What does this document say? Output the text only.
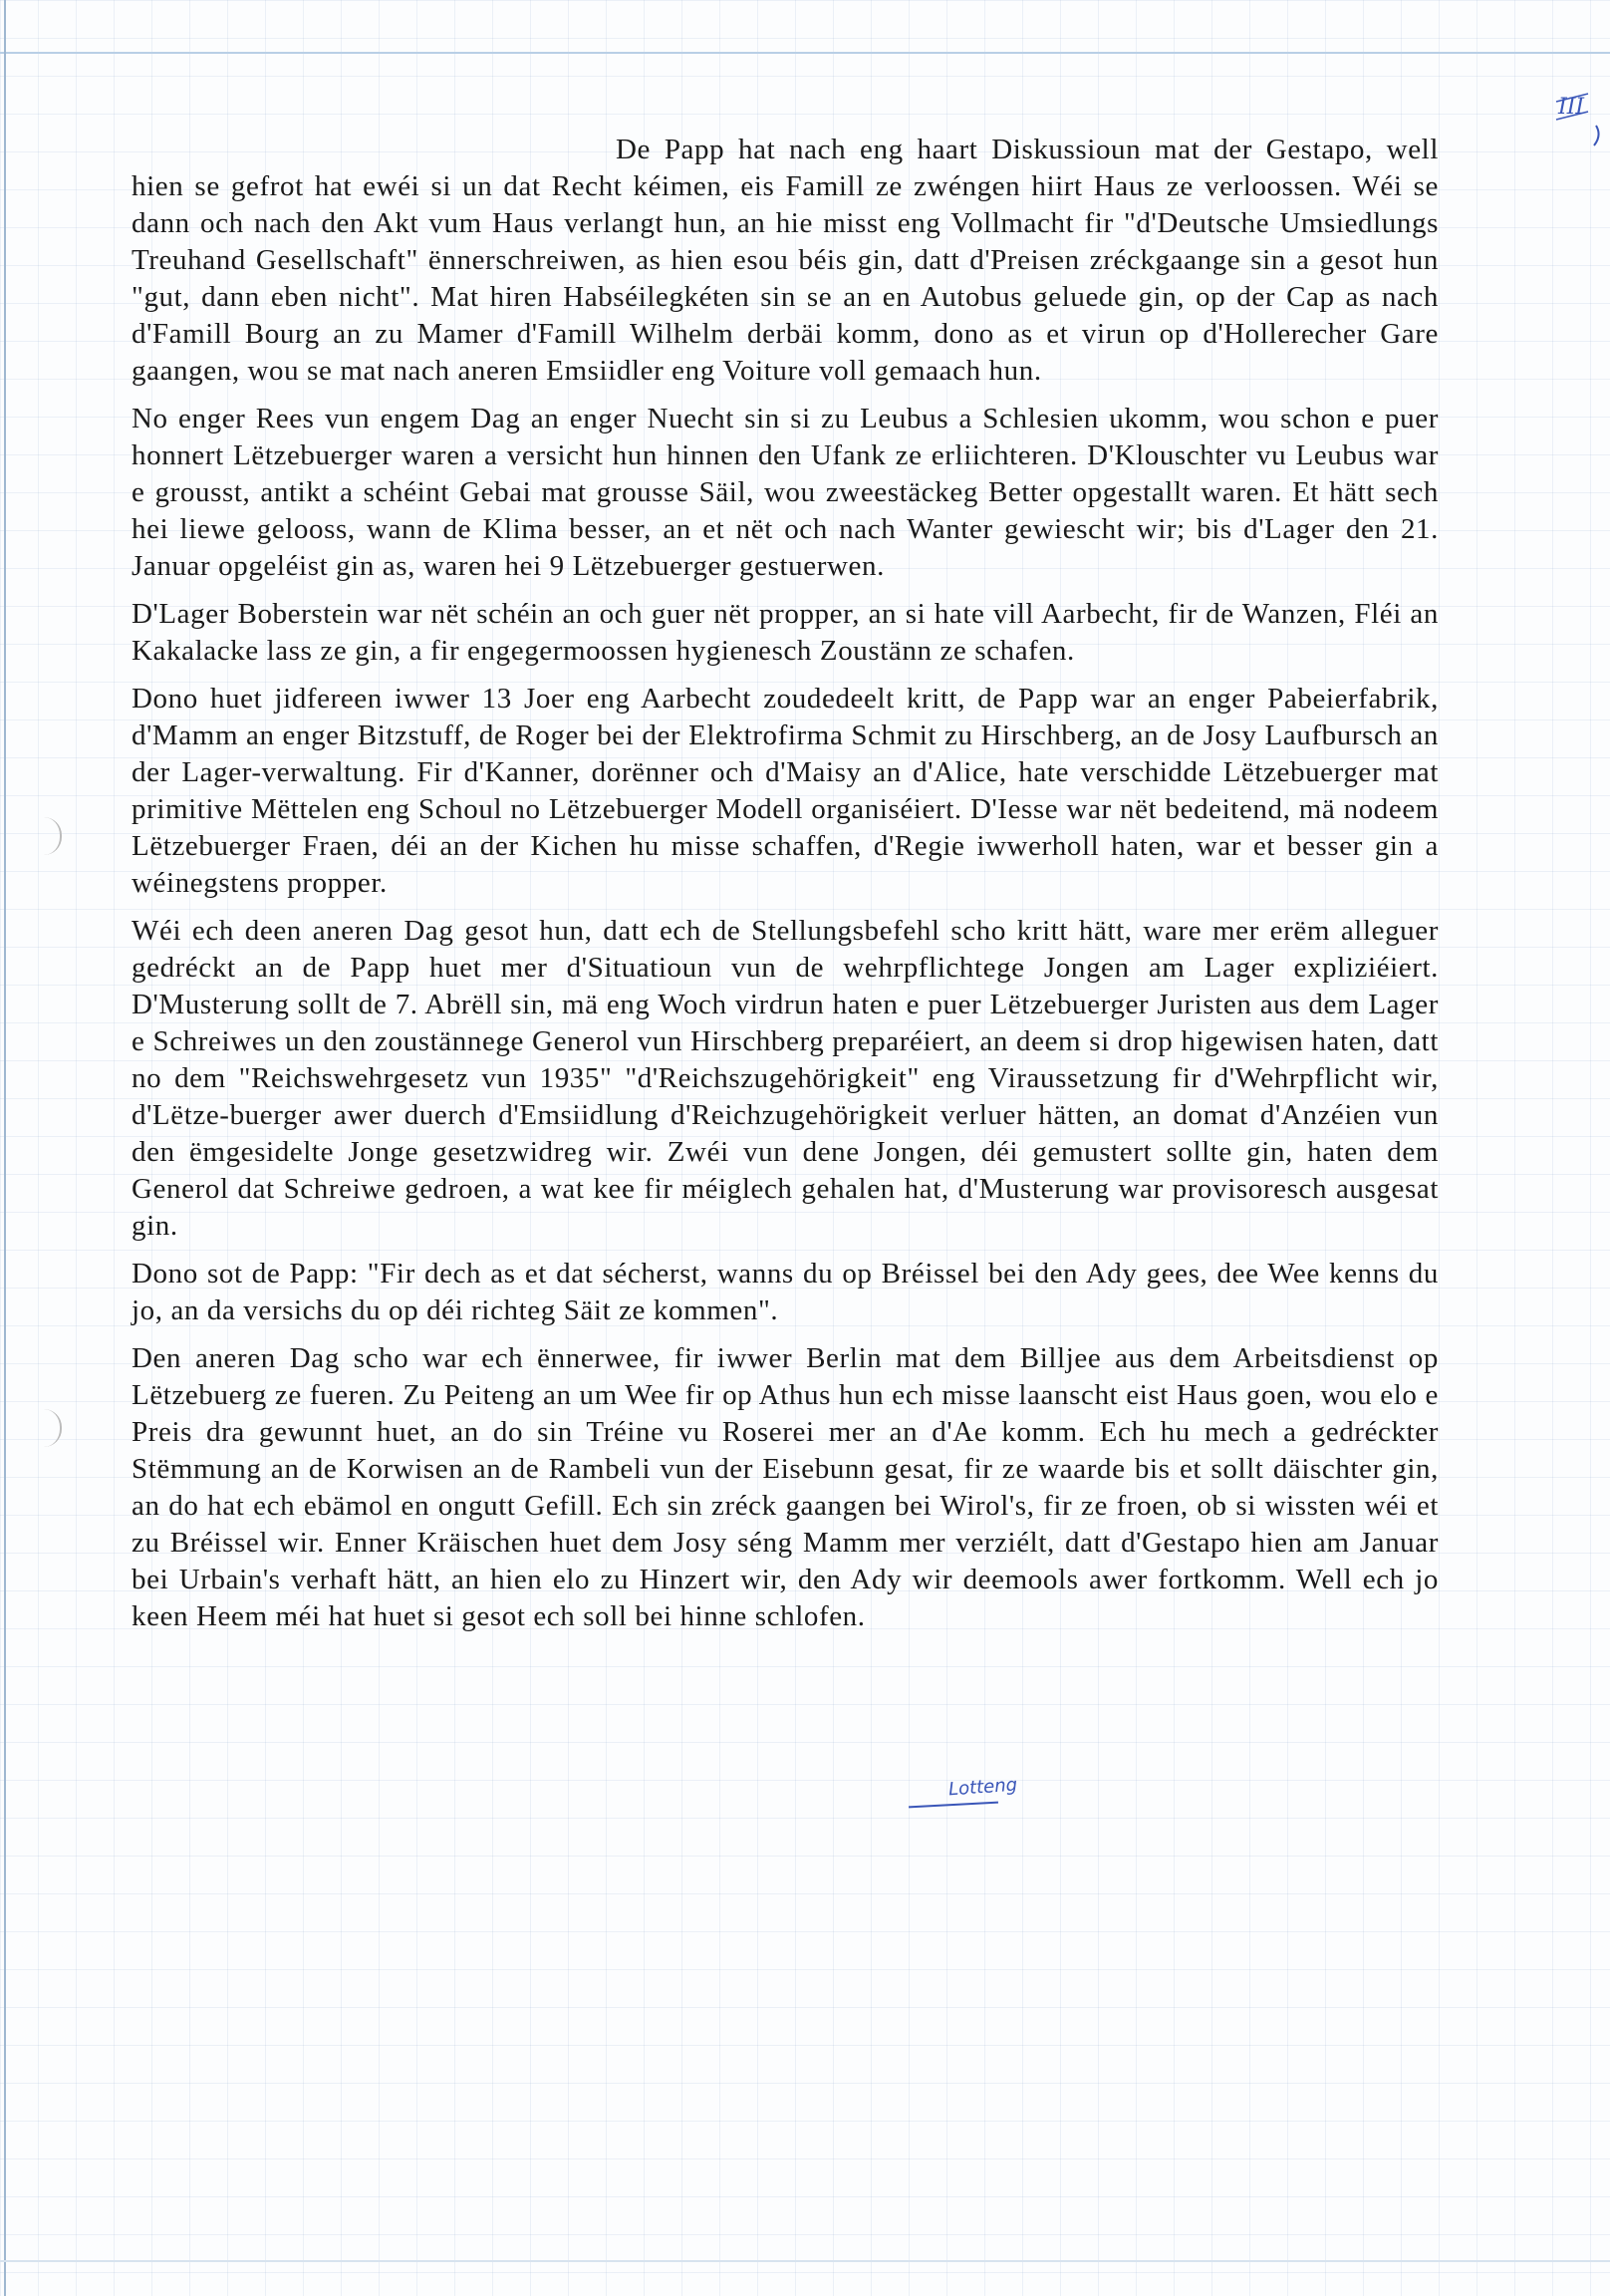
III

De Papp hat nach eng haart Diskussioun mat der Gestapo, well hien se gefrot hat ewéi si un dat Recht kéimen, eis Famill ze zwéngen hiirt Haus ze verloossen. Wéi se dann och nach den Akt vum Haus verlangt hun, an hie misst eng Vollmacht fir "d'Deutsche Umsiedlungs Treuhand Gesellschaft" ënnerschreiwen, as hien esou béis gin, datt d'Preisen zréckgaange sin a gesot hun "gut, dann eben nicht". Mat hiren Habséilegkéten sin se an en Autobus geluede gin, op der Cap as nach d'Famill Bourg an zu Mamer d'Famill Wilhelm derbäi komm, dono as et virun op d'Hollerecher Gare gaangen, wou se mat nach aneren Emsiidler eng Voiture voll gemaach hun.

No enger Rees vun engem Dag an enger Nuecht sin si zu Leubus a Schlesien ukomm, wou schon e puer honnert Lëtzebuerger waren a versicht hun hinnen den Ufank ze erliichteren. D'Klouschter vu Leubus war e grousst, antikt a schéint Gebai mat grousse Säil, wou zweestäckeg Better opgestallt waren. Et hätt sech hei liewe gelooss, wann de Klima besser, an et nët och nach Wanter gewiescht wir; bis d'Lager den 21. Januar opgeléist gin as, waren hei 9 Lëtzebuerger gestuerwen.

D'Lager Boberstein war nët schéin an och guer nët propper, an si hate vill Aarbecht, fir de Wanzen, Fléi an Kakalacke lass ze gin, a fir engegermoossen hygienesch Zoustänn ze schafen.

Dono huet jidfereen iwwer 13 Joer eng Aarbecht zoudedeelt kritt, de Papp war an enger Pabeierfabrik, d'Mamm an enger Bitzstuff, de Roger bei der Elektrofirma Schmit zu Hirschberg, an de Josy Laufbursch an der Lager-verwaltung. Fir d'Kanner, dorënner och d'Maisy an d'Alice, hate verschidde Lëtzebuerger mat primitive Mëttelen eng Schoul no Lëtzebuerger Modell organiséiert. D'Iesse war nët bedeitend, mä nodeem Lëtzebuerger Fraen, déi an der Kichen hu misse schaffen, d'Regie iwwerholl haten, war et besser gin a wéinegstens propper.

Wéi ech deen aneren Dag gesot hun, datt ech de Stellungsbefehl scho kritt hätt, ware mer erëm alleguer gedréckt an de Papp huet mer d'Situatioun vun de wehrpflichtege Jongen am Lager expliziéiert. D'Musterung sollt de 7. Abrëll sin, mä eng Woch virdrun haten e puer Lëtzebuerger Juristen aus dem Lager e Schreiwes un den zoustännege Generol vun Hirschberg preparéiert, an deem si drop higewisen haten, datt no dem "Reichswehrgesetz vun 1935" "d'Reichszugehörigkeit" eng Viraussetzung fir d'Wehrpflicht wir, d'Lëtze-buerger awer duerch d'Emsiidlung d'Reichzugehörigkeit verluer hätten, an domat d'Anzéien vun den ëmgesidelte Jonge gesetzwidreg wir. Zwéi vun dene Jongen, déi gemustert sollte gin, haten dem Generol dat Schreiwe gedroen, a wat kee fir méiglech gehalen hat, d'Musterung war provisoresch ausgesat gin.

Dono sot de Papp: "Fir dech as et dat sécherst, wanns du op Bréissel bei den Ady gees, dee Wee kenns du jo, an da versichs du op déi richteg Säit ze kommen".

Den aneren Dag scho war ech ënnerwee, fir iwwer Berlin mat dem Billjee aus dem Arbeitsdienst op Lëtzebuerg ze fueren. Zu Peiteng an um Wee fir op Athus hun ech misse laanscht eist Haus goen, wou elo e Preis dra gewunnt huet, an do sin Tréine vu Roserei mer an d'Ae komm. Ech hu mech a gedréckter Stëmmung an de Korwisen an de Rambeli vun der Eisebunn gesat, fir ze waarde bis et sollt däischter gin, an do hat ech ebämol en ongutt Gefill. Ech sin zréck gaangen bei Wirol's, fir ze froen, ob si wissten wéi et zu Bréissel wir. Enner Kräischen huet dem Josy séng Mamm mer verziélt, datt d'Gestapo hien am Januar bei Urbain's verhaft hätt, an hien elo zu Hinzert wir, den Ady wir deemools awer fortkomm. Well ech jo keen Heem méi hat huet si gesot ech soll bei hinne schlofen.

Lotteng
